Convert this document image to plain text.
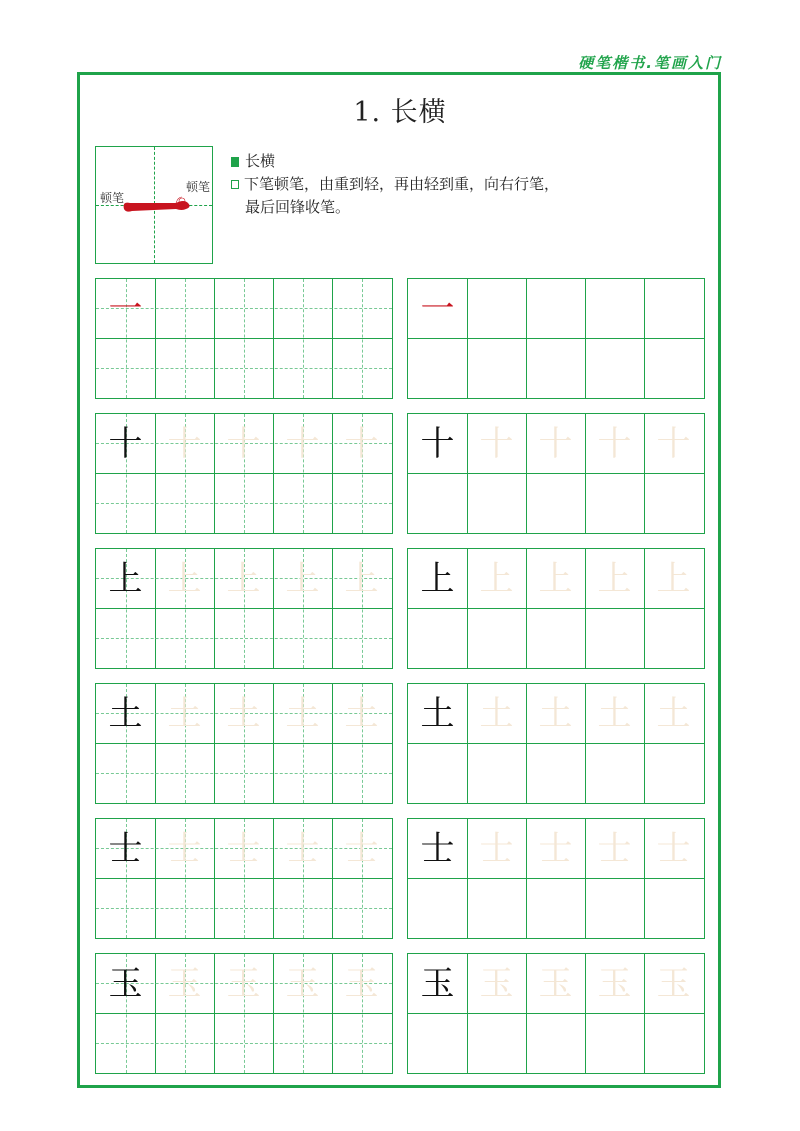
硬笔楷书.笔画入门
1. 长横
顿笔
顿笔
长横
下笔顿笔，由重到轻，再由轻到重，向右行笔，
最后回锋收笔。
一	一
十 十 十 十 十	十 十 十 十 十
上 上 上 上 上	上 上 上 上 上
土 土 土 土 土	土 土 土 土 土
士 士 士 士 士	士 士 士 士 士
玉 玉 玉 玉 玉	玉 玉 玉 玉 玉
